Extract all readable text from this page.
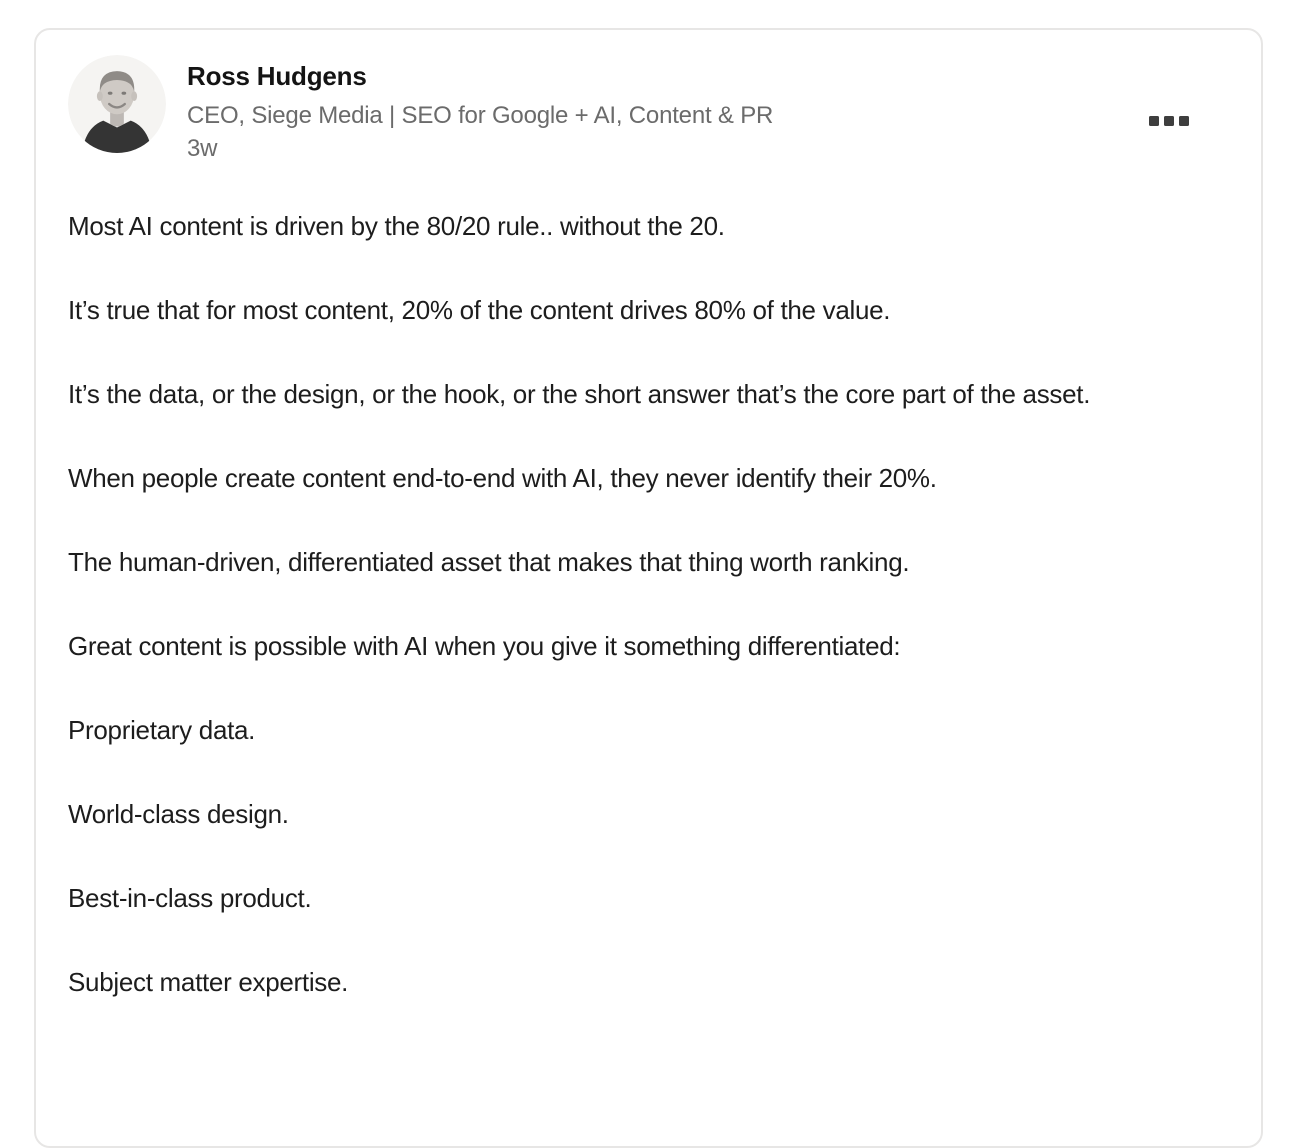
Ross Hudgens
CEO, Siege Media | SEO for Google + AI, Content & PR
3w

Most AI content is driven by the 80/20 rule.. without the 20.

It’s true that for most content, 20% of the content drives 80% of the value.

It’s the data, or the design, or the hook, or the short answer that’s the core part of the asset.

When people create content end-to-end with AI, they never identify their 20%.

The human-driven, differentiated asset that makes that thing worth ranking.

Great content is possible with AI when you give it something differentiated:

Proprietary data.

World-class design.

Best-in-class product.

Subject matter expertise.
